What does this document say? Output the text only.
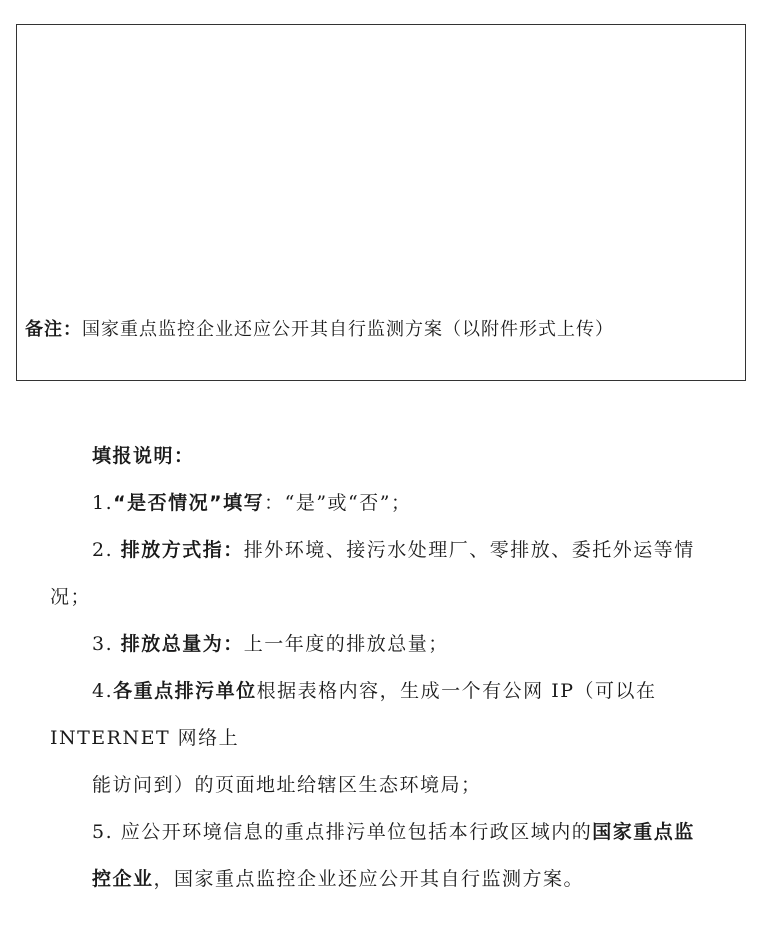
备注：国家重点监控企业还应公开其自行监测方案（以附件形式上传）
填报说明：
1.“是否情况”填写：“是”或“否”；
2. 排放方式指：排外环境、接污水处理厂、零排放、委托外运等情
况；
3. 排放总量为：上一年度的排放总量；
4.各重点排污单位根据表格内容，生成一个有公网 IP（可以在
INTERNET 网络上
能访问到）的页面地址给辖区生态环境局；
5. 应公开环境信息的重点排污单位包括本行政区域内的国家重点监
控企业，国家重点监控企业还应公开其自行监测方案。
